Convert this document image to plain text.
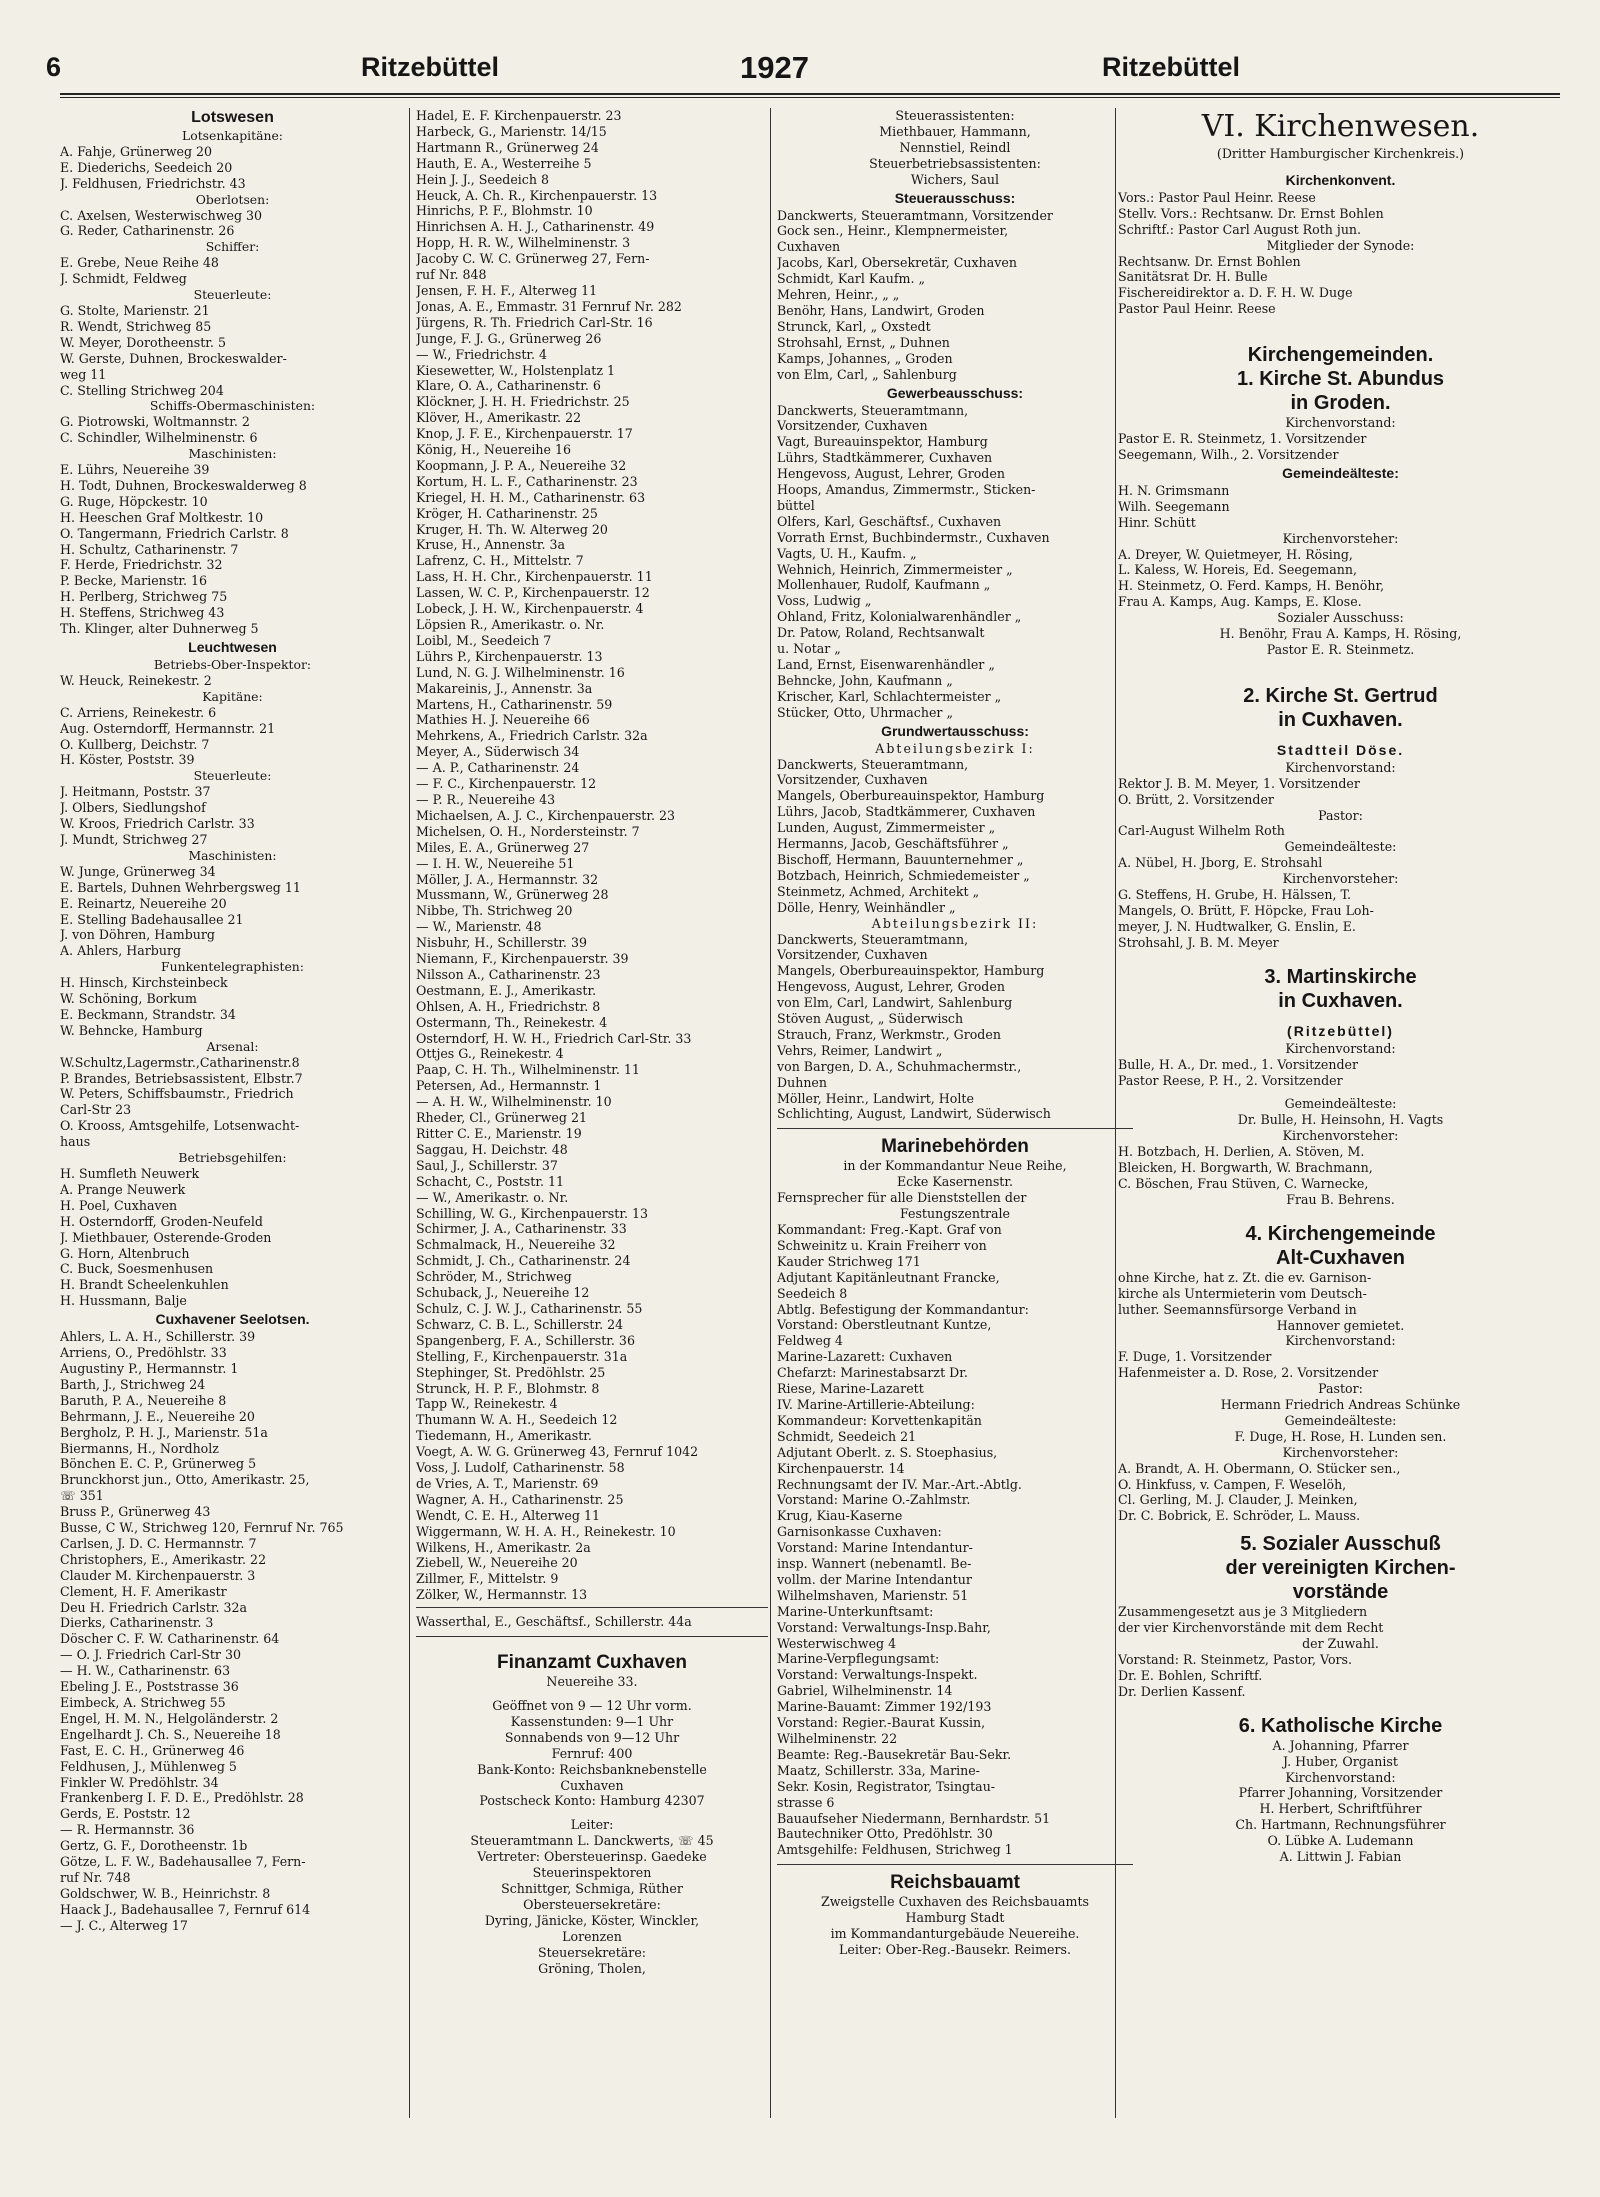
6	Ritzebüttel	1927	Ritzebüttel
Lotswesen
Lotsenkapitäne:
A. Fahje, Grünerweg 20
E. Diederichs, Seedeich 20
J. Feldhusen, Friedrichstr. 43
Oberlotsen:
C. Axelsen, Westerwischweg 30
G. Reder, Catharinenstr. 26
Schiffer:
E. Grebe, Neue Reihe 48
J. Schmidt, Feldweg
Steuerleute:
G. Stolte, Marienstr. 21
R. Wendt, Strichweg 85
W. Meyer, Dorotheenstr. 5
W. Gerste, Duhnen, Brockeswalder-
weg 11
C. Stelling Strichweg 204
Schiffs-Obermaschinisten:
G. Piotrowski, Woltmannstr. 2
C. Schindler, Wilhelminenstr. 6
Maschinisten:
E. Lührs, Neuereihe 39
H. Todt, Duhnen, Brockeswalderweg 8
G. Ruge, Höpckestr. 10
H. Heeschen Graf Moltkestr. 10
O. Tangermann, Friedrich Carlstr. 8
H. Schultz, Catharinenstr. 7
F. Herde, Friedrichstr. 32
P. Becke, Marienstr. 16
H. Perlberg, Strichweg 75
H. Steffens, Strichweg 43
Th. Klinger, alter Duhnerweg 5
Leuchtwesen
Betriebs-Ober-Inspektor:
W. Heuck, Reinekestr. 2
Kapitäne:
C. Arriens, Reinekestr. 6
Aug. Osterndorff, Hermannstr. 21
O. Kullberg, Deichstr. 7
H. Köster, Poststr. 39
Steuerleute:
J. Heitmann, Poststr. 37
J. Olbers, Siedlungshof
W. Kroos, Friedrich Carlstr. 33
J. Mundt, Strichweg 27
Maschinisten:
W. Junge, Grünerweg 34
E. Bartels, Duhnen Wehrbergsweg 11
E. Reinartz, Neuereihe 20
E. Stelling Badehausallee 21
J. von Döhren, Hamburg
A. Ahlers, Harburg
Funkentelegraphisten:
H. Hinsch, Kirchsteinbeck
W. Schöning, Borkum
E. Beckmann, Strandstr. 34
W. Behncke, Hamburg
Arsenal:
W.Schultz,Lagermstr.,Catharinenstr.8
P. Brandes, Betriebsassistent, Elbstr.7
W. Peters, Schiffsbaumstr., Friedrich
Carl-Str 23
O. Krooss, Amtsgehilfe, Lotsenwacht-
haus
Betriebsgehilfen:
H. Sumfleth Neuwerk
A. Prange Neuwerk
H. Poel, Cuxhaven
H. Osterndorff, Groden-Neufeld
J. Miethbauer, Osterende-Groden
G. Horn, Altenbruch
C. Buck, Soesmenhusen
H. Brandt Scheelenkuhlen
H. Hussmann, Balje
Cuxhavener Seelotsen.
Ahlers, L. A. H., Schillerstr. 39
Arriens, O., Predöhlstr. 33
Augustiny P., Hermannstr. 1
Barth, J., Strichweg 24
Baruth, P. A., Neuereihe 8
Behrmann, J. E., Neuereihe 20
Bergholz, P. H. J., Marienstr. 51a
Biermanns, H., Nordholz
Bönchen E. C. P., Grünerweg 5
Brunckhorst jun., Otto, Amerikastr. 25,
☏ 351
Bruss P., Grünerweg 43
Busse, C W., Strichweg 120, Fernruf Nr. 765
Carlsen, J. D. C. Hermannstr. 7
Christophers, E., Amerikastr. 22
Clauder M. Kirchenpauerstr. 3
Clement, H. F. Amerikastr
Deu H. Friedrich Carlstr. 32a
Dierks, Catharinenstr. 3
Döscher C. F. W. Catharinenstr. 64
— O. J. Friedrich Carl-Str 30
— H. W., Catharinenstr. 63
Ebeling J. E., Poststrasse 36
Eimbeck, A. Strichweg 55
Engel, H. M. N., Helgoländerstr. 2
Engelhardt J. Ch. S., Neuereihe 18
Fast, E. C. H., Grünerweg 46
Feldhusen, J., Mühlenweg 5
Finkler W. Predöhlstr. 34
Frankenberg I. F. D. E., Predöhlstr. 28
Gerds, E. Poststr. 12
— R. Hermannstr. 36
Gertz, G. F., Dorotheenstr. 1b
Götze, L. F. W., Badehausallee 7, Fern-
ruf Nr. 748
Goldschwer, W. B., Heinrichstr. 8
Haack J., Badehausallee 7, Fernruf 614
— J. C., Alterweg 17
Hadel, E. F. Kirchenpauerstr. 23
Harbeck, G., Marienstr. 14/15
Hartmann R., Grünerweg 24
Hauth, E. A., Westerreihe 5
Hein J. J., Seedeich 8
Heuck, A. Ch. R., Kirchenpauerstr. 13
Hinrichs, P. F., Blohmstr. 10
Hinrichsen A. H. J., Catharinenstr. 49
Hopp, H. R. W., Wilhelminenstr. 3
Jacoby C. W. C. Grünerweg 27, Fern-
ruf Nr. 848
Jensen, F. H. F., Alterweg 11
Jonas, A. E., Emmastr. 31 Fernruf Nr. 282
Jürgens, R. Th. Friedrich Carl-Str. 16
Junge, F. J. G., Grünerweg 26
— W., Friedrichstr. 4
Kiesewetter, W., Holstenplatz 1
Klare, O. A., Catharinenstr. 6
Klöckner, J. H. H. Friedrichstr. 25
Klöver, H., Amerikastr. 22
Knop, J. F. E., Kirchenpauerstr. 17
König, H., Neuereihe 16
Koopmann, J. P. A., Neuereihe 32
Kortum, H. L. F., Catharinenstr. 23
Kriegel, H. H. M., Catharinenstr. 63
Kröger, H. Catharinenstr. 25
Kruger, H. Th. W. Alterweg 20
Kruse, H., Annenstr. 3a
Lafrenz, C. H., Mittelstr. 7
Lass, H. H. Chr., Kirchenpauerstr. 11
Lassen, W. C. P., Kirchenpauerstr. 12
Lobeck, J. H. W., Kirchenpauerstr. 4
Löpsien R., Amerikastr. o. Nr.
Loibl, M., Seedeich 7
Lührs P., Kirchenpauerstr. 13
Lund, N. G. J. Wilhelminenstr. 16
Makareinis, J., Annenstr. 3a
Martens, H., Catharinenstr. 59
Mathies H. J. Neuereihe 66
Mehrkens, A., Friedrich Carlstr. 32a
Meyer, A., Süderwisch 34
— A. P., Catharinenstr. 24
— F. C., Kirchenpauerstr. 12
— P. R., Neuereihe 43
Michaelsen, A. J. C., Kirchenpauerstr. 23
Michelsen, O. H., Nordersteinstr. 7
Miles, E. A., Grünerweg 27
— I. H. W., Neuereihe 51
Möller, J. A., Hermannstr. 32
Mussmann, W., Grünerweg 28
Nibbe, Th. Strichweg 20
— W., Marienstr. 48
Nisbuhr, H., Schillerstr. 39
Niemann, F., Kirchenpauerstr. 39
Nilsson A., Catharinenstr. 23
Oestmann, E. J., Amerikastr.
Ohlsen, A. H., Friedrichstr. 8
Ostermann, Th., Reinekestr. 4
Osterndorf, H. W. H., Friedrich Carl-Str. 33
Ottjes G., Reinekestr. 4
Paap, C. H. Th., Wilhelminenstr. 11
Petersen, Ad., Hermannstr. 1
— A. H. W., Wilhelminenstr. 10
Rheder, Cl., Grünerweg 21
Ritter C. E., Marienstr. 19
Saggau, H. Deichstr. 48
Saul, J., Schillerstr. 37
Schacht, C., Poststr. 11
— W., Amerikastr. o. Nr.
Schilling, W. G., Kirchenpauerstr. 13
Schirmer, J. A., Catharinenstr. 33
Schmalmack, H., Neuereihe 32
Schmidt, J. Ch., Catharinenstr. 24
Schröder, M., Strichweg
Schuback, J., Neuereihe 12
Schulz, C. J. W. J., Catharinenstr. 55
Schwarz, C. B. L., Schillerstr. 24
Spangenberg, F. A., Schillerstr. 36
Stelling, F., Kirchenpauerstr. 31a
Stephinger, St. Predöhlstr. 25
Strunck, H. P. F., Blohmstr. 8
Tapp W., Reinekestr. 4
Thumann W. A. H., Seedeich 12
Tiedemann, H., Amerikastr.
Voegt, A. W. G. Grünerweg 43, Fernruf 1042
Voss, J. Ludolf, Catharinenstr. 58
de Vries, A. T., Marienstr. 69
Wagner, A. H., Catharinenstr. 25
Wendt, C. E. H., Alterweg 11
Wiggermann, W. H. A. H., Reinekestr. 10
Wilkens, H., Amerikastr. 2a
Ziebell, W., Neuereihe 20
Zillmer, F., Mittelstr. 9
Zölker, W., Hermannstr. 13
Wasserthal, E., Geschäftsf., Schillerstr. 44a
Finanzamt Cuxhaven
Neuereihe 33.
Geöffnet von 9 — 12 Uhr vorm.
Kassenstunden: 9—1 Uhr
Sonnabends von 9—12 Uhr
Fernruf: 400
Bank-Konto: Reichsbanknebenstelle
Cuxhaven
Postscheck Konto: Hamburg 42307
Leiter:
Steueramtmann L. Danckwerts, ☏ 45
Vertreter: Obersteuerinsp. Gaedeke
Steuerinspektoren
Schnittger, Schmiga, Rüther
Obersteuersekretäre:
Dyring, Jänicke, Köster, Winckler,
Lorenzen
Steuersekretäre:
Gröning, Tholen,
Steuerassistenten:
Miethbauer, Hammann,
Nennstiel, Reindl
Steuerbetriebsassistenten:
Wichers, Saul
Steuerausschuss:
Danckwerts, Steueramtmann, Vorsitzender
Gock sen., Heinr., Klempnermeister,
Cuxhaven
Jacobs, Karl, Obersekretär, Cuxhaven
Schmidt, Karl Kaufm. „
Mehren, Heinr., „ „
Benöhr, Hans, Landwirt, Groden
Strunck, Karl, „ Oxstedt
Strohsahl, Ernst, „ Duhnen
Kamps, Johannes, „ Groden
von Elm, Carl, „ Sahlenburg
Gewerbeausschuss:
Danckwerts, Steueramtmann,
Vorsitzender, Cuxhaven
Vagt, Bureauinspektor, Hamburg
Lührs, Stadtkämmerer, Cuxhaven
Hengevoss, August, Lehrer, Groden
Hoops, Amandus, Zimmermstr., Sticken-
büttel
Olfers, Karl, Geschäftsf., Cuxhaven
Vorrath Ernst, Buchbindermstr., Cuxhaven
Vagts, U. H., Kaufm. „
Wehnich, Heinrich, Zimmermeister „
Mollenhauer, Rudolf, Kaufmann „
Voss, Ludwig „
Ohland, Fritz, Kolonialwarenhändler „
Dr. Patow, Roland, Rechtsanwalt
u. Notar „
Land, Ernst, Eisenwarenhändler „
Behncke, John, Kaufmann „
Krischer, Karl, Schlachtermeister „
Stücker, Otto, Uhrmacher „
Grundwertausschuss:
Abteilungsbezirk I:
Danckwerts, Steueramtmann,
Vorsitzender, Cuxhaven
Mangels, Oberbureauinspektor, Hamburg
Lührs, Jacob, Stadtkämmerer, Cuxhaven
Lunden, August, Zimmermeister „
Hermanns, Jacob, Geschäftsführer „
Bischoff, Hermann, Bauunternehmer „
Botzbach, Heinrich, Schmiedemeister „
Steinmetz, Achmed, Architekt „
Dölle, Henry, Weinhändler „
Abteilungsbezirk II:
Danckwerts, Steueramtmann,
Vorsitzender, Cuxhaven
Mangels, Oberbureauinspektor, Hamburg
Hengevoss, August, Lehrer, Groden
von Elm, Carl, Landwirt, Sahlenburg
Stöven August, „ Süderwisch
Strauch, Franz, Werkmstr., Groden
Vehrs, Reimer, Landwirt „
von Bargen, D. A., Schuhmachermstr.,
Duhnen
Möller, Heinr., Landwirt, Holte
Schlichting, August, Landwirt, Süderwisch
Marinebehörden
in der Kommandantur Neue Reihe,
Ecke Kasernenstr.
Fernsprecher für alle Dienststellen der
Festungszentrale
Kommandant: Freg.-Kapt. Graf von
Schweinitz u. Krain Freiherr von
Kauder Strichweg 171
Adjutant Kapitänleutnant Francke,
Seedeich 8
Abtlg. Befestigung der Kommandantur:
Vorstand: Oberstleutnant Kuntze,
Feldweg 4
Marine-Lazarett: Cuxhaven
Chefarzt: Marinestabsarzt Dr.
Riese, Marine-Lazarett
IV. Marine-Artillerie-Abteilung:
Kommandeur: Korvettenkapitän
Schmidt, Seedeich 21
Adjutant Oberlt. z. S. Stoephasius,
Kirchenpauerstr. 14
Rechnungsamt der IV. Mar.-Art.-Abtlg.
Vorstand: Marine O.-Zahlmstr.
Krug, Kiau-Kaserne
Garnisonkasse Cuxhaven:
Vorstand: Marine Intendantur-
insp. Wannert (nebenamtl. Be-
vollm. der Marine Intendantur
Wilhelmshaven, Marienstr. 51
Marine-Unterkunftsamt:
Vorstand: Verwaltungs-Insp.Bahr,
Westerwischweg 4
Marine-Verpflegungsamt:
Vorstand: Verwaltungs-Inspekt.
Gabriel, Wilhelminenstr. 14
Marine-Bauamt: Zimmer 192/193
Vorstand: Regier.-Baurat Kussin,
Wilhelminenstr. 22
Beamte: Reg.-Bausekretär Bau-Sekr.
Maatz, Schillerstr. 33a, Marine-
Sekr. Kosin, Registrator, Tsingtau-
strasse 6
Bauaufseher Niedermann, Bernhardstr. 51
Bautechniker Otto, Predöhlstr. 30
Amtsgehilfe: Feldhusen, Strichweg 1
Reichsbauamt
Zweigstelle Cuxhaven des Reichsbauamts
Hamburg Stadt
im Kommandanturgebäude Neuereihe.
Leiter: Ober-Reg.-Bausekr. Reimers.
VI. Kirchenwesen.
(Dritter Hamburgischer Kirchenkreis.)
Kirchenkonvent.
Vors.: Pastor Paul Heinr. Reese
Stellv. Vors.: Rechtsanw. Dr. Ernst Bohlen
Schriftf.: Pastor Carl August Roth jun.
Mitglieder der Synode:
Rechtsanw. Dr. Ernst Bohlen
Sanitätsrat Dr. H. Bulle
Fischereidirektor a. D. F. H. W. Duge
Pastor Paul Heinr. Reese
Kirchengemeinden.
1. Kirche St. Abundus
in Groden.
Kirchenvorstand:
Pastor E. R. Steinmetz, 1. Vorsitzender
Seegemann, Wilh., 2. Vorsitzender
Gemeindeälteste:
H. N. Grimsmann
Wilh. Seegemann
Hinr. Schütt
Kirchenvorsteher:
A. Dreyer, W. Quietmeyer, H. Rösing,
L. Kaless, W. Horeis, Ed. Seegemann,
H. Steinmetz, O. Ferd. Kamps, H. Benöhr,
Frau A. Kamps, Aug. Kamps, E. Klose.
Sozialer Ausschuss:
H. Benöhr, Frau A. Kamps, H. Rösing,
Pastor E. R. Steinmetz.
2. Kirche St. Gertrud
in Cuxhaven.
Stadtteil Döse.
Kirchenvorstand:
Rektor J. B. M. Meyer, 1. Vorsitzender
O. Brütt, 2. Vorsitzender
Pastor:
Carl-August Wilhelm Roth
Gemeindeälteste:
A. Nübel, H. Jborg, E. Strohsahl
Kirchenvorsteher:
G. Steffens, H. Grube, H. Hälssen, T.
Mangels, O. Brütt, F. Höpcke, Frau Loh-
meyer, J. N. Hudtwalker, G. Enslin, E.
Strohsahl, J. B. M. Meyer
3. Martinskirche
in Cuxhaven.
(Ritzebüttel)
Kirchenvorstand:
Bulle, H. A., Dr. med., 1. Vorsitzender
Pastor Reese, P. H., 2. Vorsitzender
Gemeindeälteste:
Dr. Bulle, H. Heinsohn, H. Vagts
Kirchenvorsteher:
H. Botzbach, H. Derlien, A. Stöven, M.
Bleicken, H. Borgwarth, W. Brachmann,
C. Böschen, Frau Stüven, C. Warnecke,
Frau B. Behrens.
4. Kirchengemeinde
Alt-Cuxhaven
ohne Kirche, hat z. Zt. die ev. Garnison-
kirche als Untermieterin vom Deutsch-
luther. Seemannsfürsorge Verband in
Hannover gemietet.
Kirchenvorstand:
F. Duge, 1. Vorsitzender
Hafenmeister a. D. Rose, 2. Vorsitzender
Pastor:
Hermann Friedrich Andreas Schünke
Gemeindeälteste:
F. Duge, H. Rose, H. Lunden sen.
Kirchenvorsteher:
A. Brandt, A. H. Obermann, O. Stücker sen.,
O. Hinkfuss, v. Campen, F. Weselöh,
Cl. Gerling, M. J. Clauder, J. Meinken,
Dr. C. Bobrick, E. Schröder, L. Mauss.
5. Sozialer Ausschuß
der vereinigten Kirchen-
vorstände
Zusammengesetzt aus je 3 Mitgliedern
der vier Kirchenvorstände mit dem Recht
der Zuwahl.
Vorstand: R. Steinmetz, Pastor, Vors.
Dr. E. Bohlen, Schriftf.
Dr. Derlien Kassenf.
6. Katholische Kirche
A. Johanning, Pfarrer
J. Huber, Organist
Kirchenvorstand:
Pfarrer Johanning, Vorsitzender
H. Herbert, Schriftführer
Ch. Hartmann, Rechnungsführer
O. Lübke A. Ludemann
A. Littwin J. Fabian
